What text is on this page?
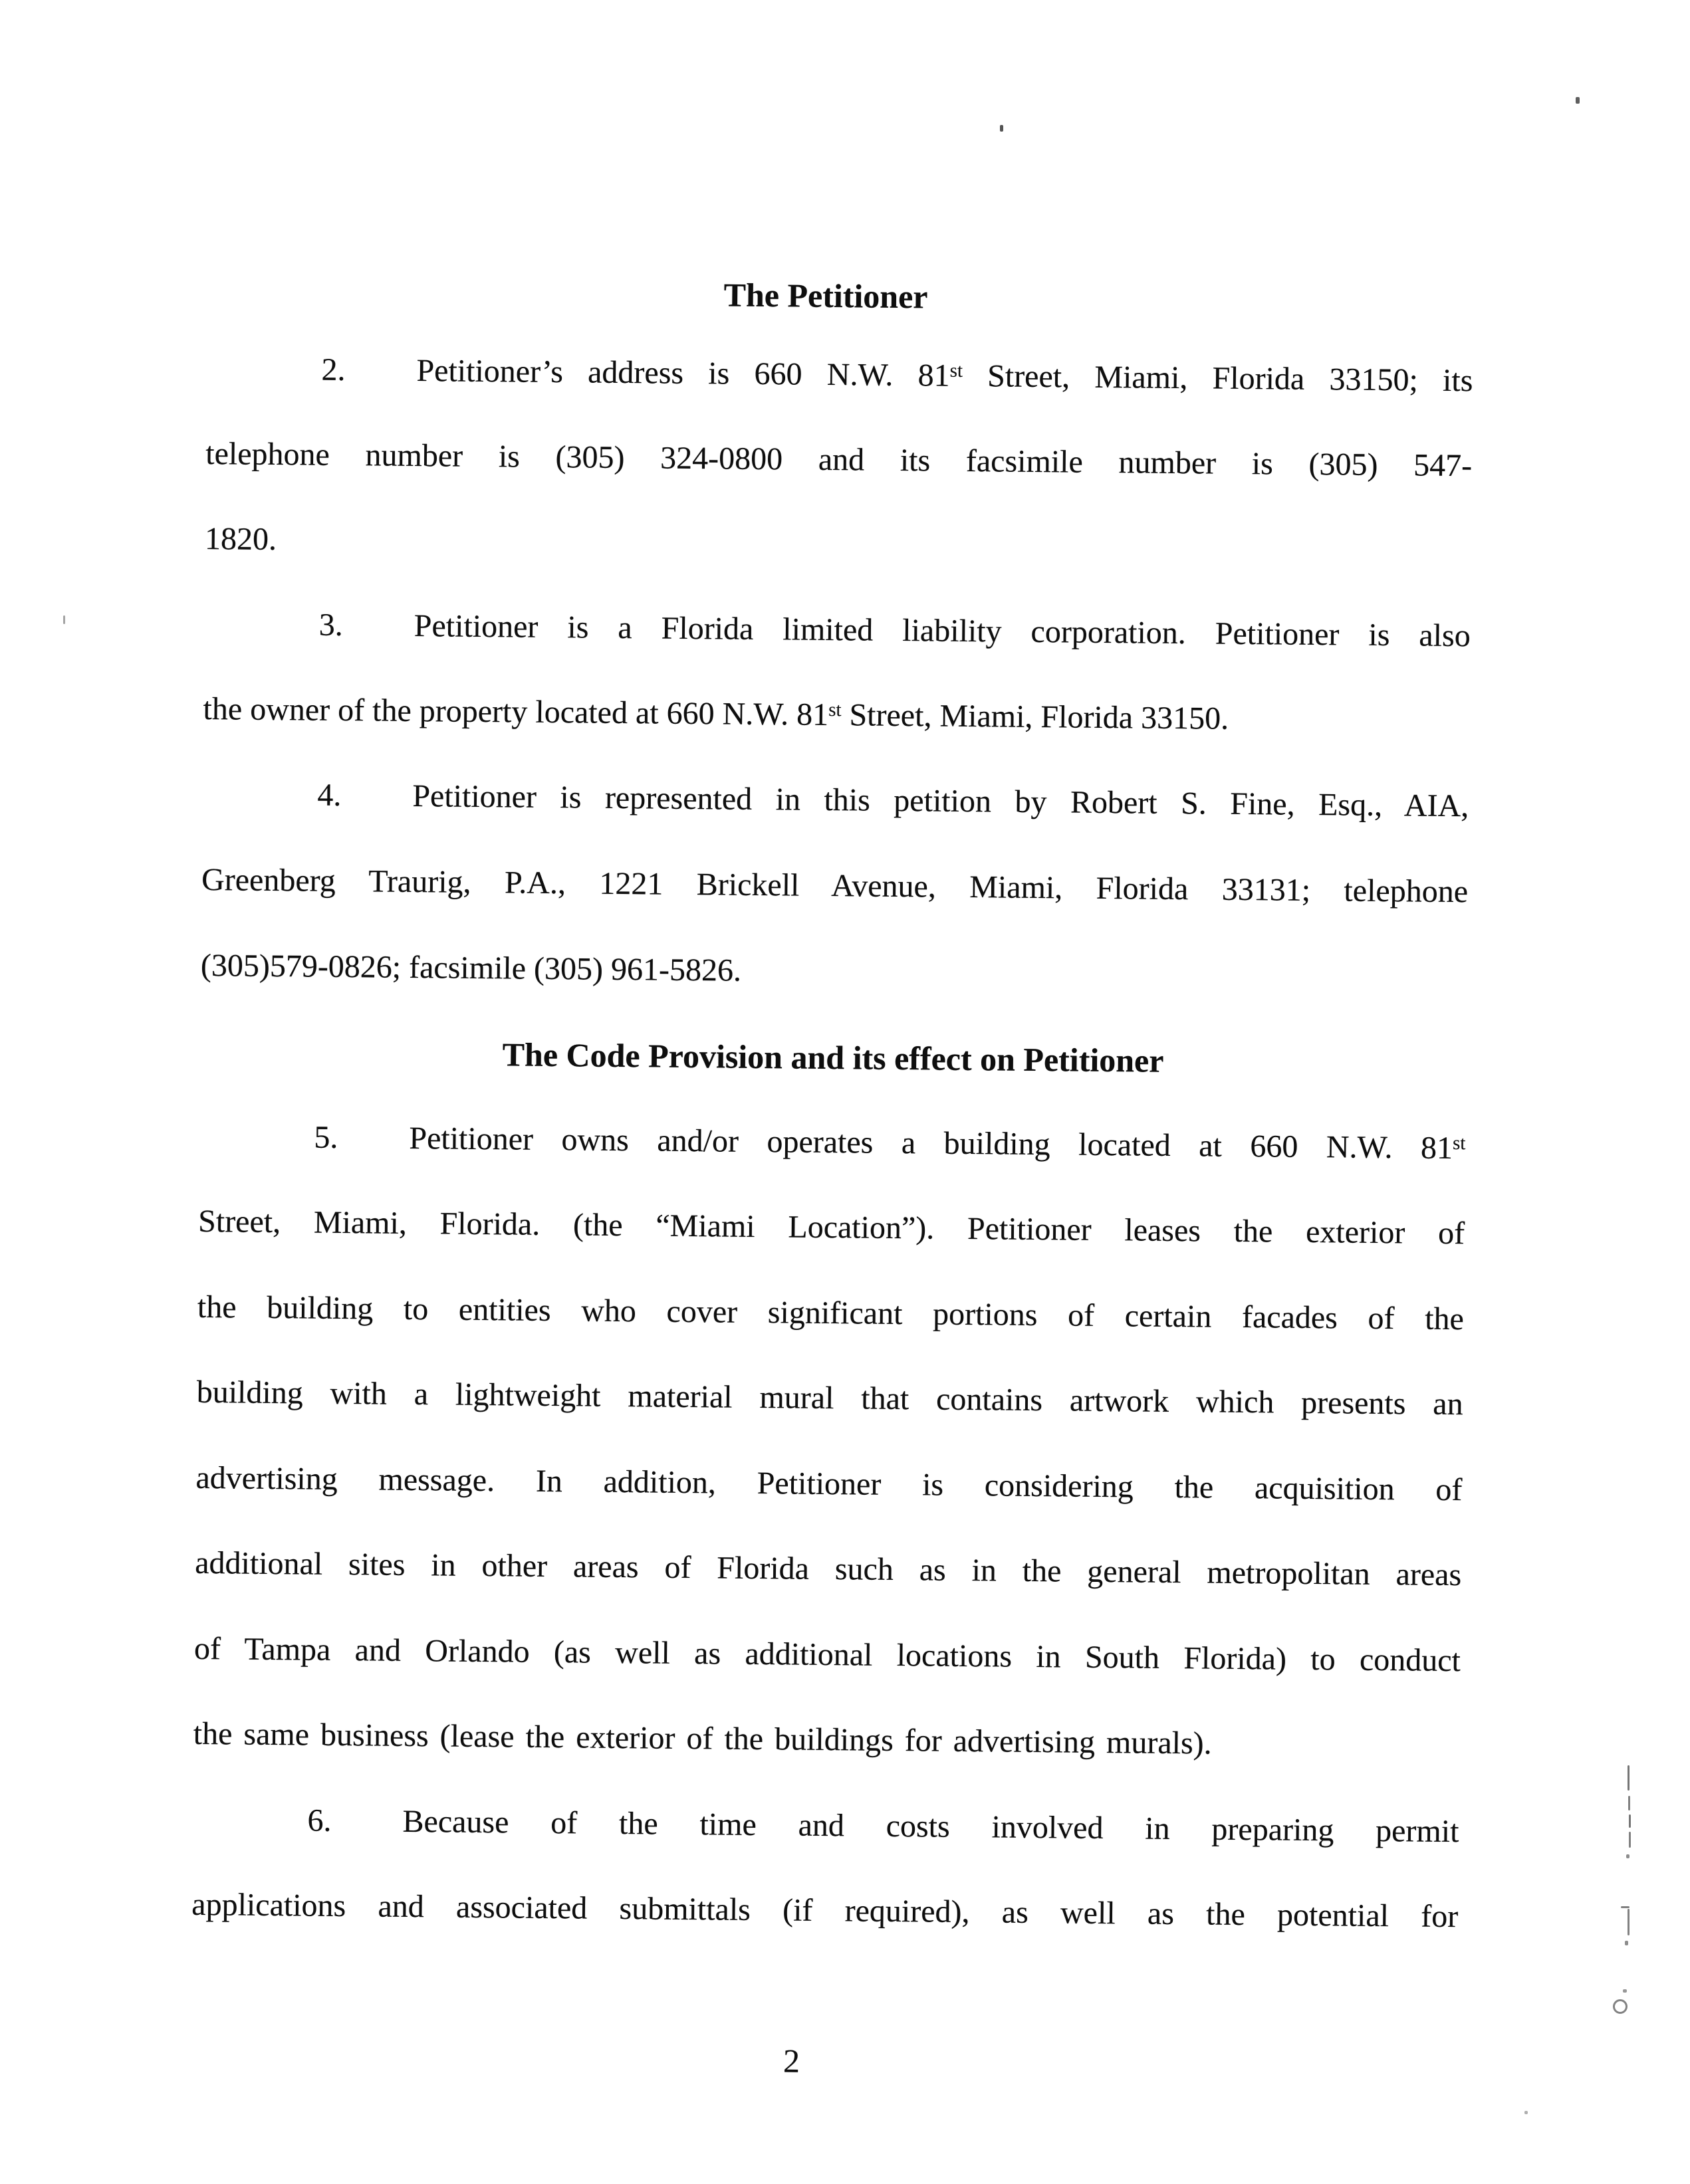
The Petitioner
2. Petitioner’s address is 660 N.W. 81st Street, Miami, Florida 33150; its
telephone number is (305) 324-0800 and its facsimile number is (305) 547-
1820.
3. Petitioner is a Florida limited liability corporation. Petitioner is also
the owner of the property located at 660 N.W. 81st Street, Miami, Florida 33150.
4. Petitioner is represented in this petition by Robert S. Fine, Esq., AIA,
Greenberg Traurig, P.A., 1221 Brickell Avenue, Miami, Florida 33131; telephone
(305)579-0826; facsimile (305) 961-5826.
The Code Provision and its effect on Petitioner
5. Petitioner owns and/or operates a building located at 660 N.W. 81st
Street, Miami, Florida. (the “Miami Location”). Petitioner leases the exterior of
the building to entities who cover significant portions of certain facades of the
building with a lightweight material mural that contains artwork which presents an
advertising message. In addition, Petitioner is considering the acquisition of
additional sites in other areas of Florida such as in the general metropolitan areas
of Tampa and Orlando (as well as additional locations in South Florida) to conduct
the same business (lease the exterior of the buildings for advertising murals).
6. Because of the time and costs involved in preparing permit
applications and associated submittals (if required), as well as the potential for
2
